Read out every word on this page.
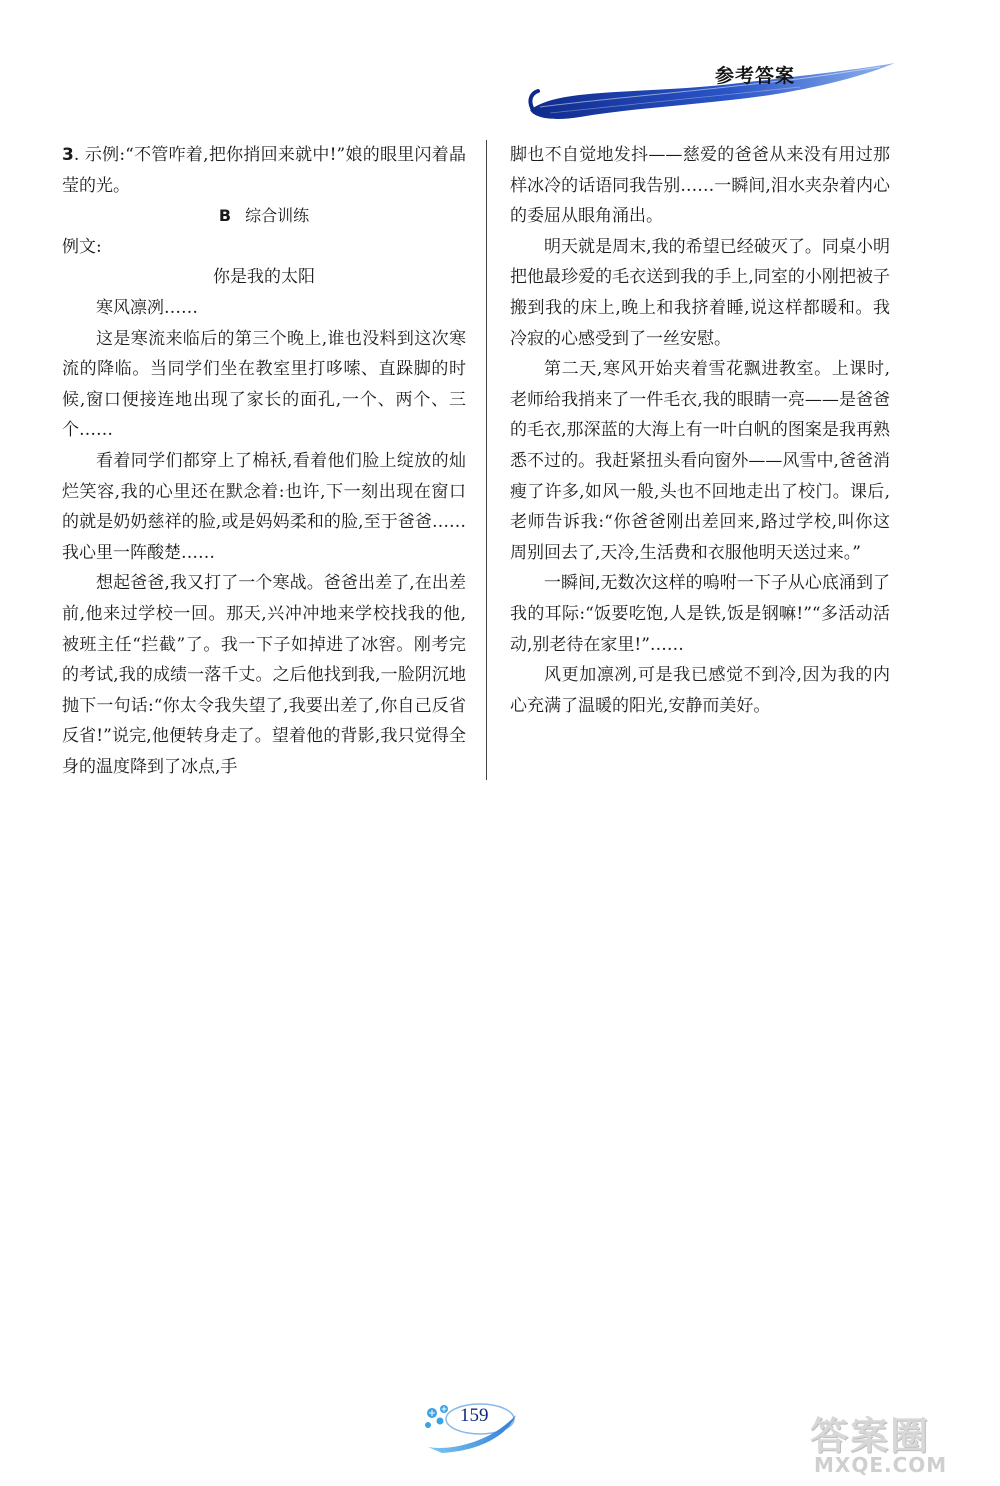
参考答案

3. 示例:“不管咋着,把你捎回来就中!”娘的眼里闪着晶莹的光。

B 综合训练

例文:

你是我的太阳

寒风凛冽……

这是寒流来临后的第三个晚上,谁也没料到这次寒流的降临。当同学们坐在教室里打哆嗦、直跺脚的时候,窗口便接连地出现了家长的面孔,一个、两个、三个……

看着同学们都穿上了棉袄,看着他们脸上绽放的灿烂笑容,我的心里还在默念着:也许,下一刻出现在窗口的就是奶奶慈祥的脸,或是妈妈柔和的脸,至于爸爸……我心里一阵酸楚……

想起爸爸,我又打了一个寒战。爸爸出差了,在出差前,他来过学校一回。那天,兴冲冲地来学校找我的他,被班主任“拦截”了。我一下子如掉进了冰窖。刚考完的考试,我的成绩一落千丈。之后他找到我,一脸阴沉地抛下一句话:“你太令我失望了,我要出差了,你自己反省反省!”说完,他便转身走了。望着他的背影,我只觉得全身的温度降到了冰点,手

脚也不自觉地发抖——慈爱的爸爸从来没有用过那样冰冷的话语同我告别……一瞬间,泪水夹杂着内心的委屈从眼角涌出。

明天就是周末,我的希望已经破灭了。同桌小明把他最珍爱的毛衣送到我的手上,同室的小刚把被子搬到我的床上,晚上和我挤着睡,说这样都暖和。我冷寂的心感受到了一丝安慰。

第二天,寒风开始夹着雪花飘进教室。上课时,老师给我捎来了一件毛衣,我的眼睛一亮——是爸爸的毛衣,那深蓝的大海上有一叶白帆的图案是我再熟悉不过的。我赶紧扭头看向窗外——风雪中,爸爸消瘦了许多,如风一般,头也不回地走出了校门。课后,老师告诉我:“你爸爸刚出差回来,路过学校,叫你这周别回去了,天冷,生活费和衣服他明天送过来。”

一瞬间,无数次这样的嗚咐一下子从心底涌到了我的耳际:“饭要吃饱,人是铁,饭是钢嘛!”“多活动活动,别老待在家里!”……

风更加凛冽,可是我已感觉不到冷,因为我的内心充满了温暖的阳光,安静而美好。

159	答案圈
MXQE.COM
